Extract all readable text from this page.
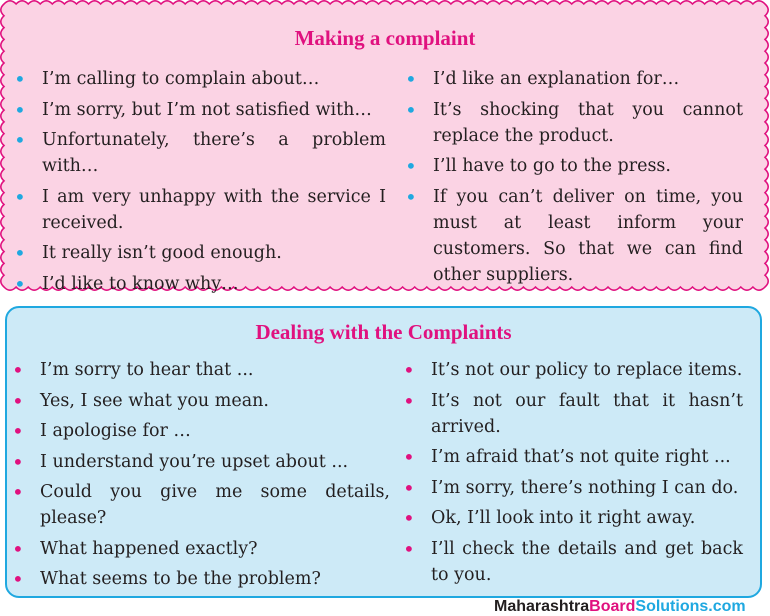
Making a complaint
• I’m calling to complain about…
• I’m sorry, but I’m not satisfied with…
• Unfortunately, there’s a problem with…
• I am very unhappy with the service I received.
• It really isn’t good enough.
• I’d like to know why…
• I’d like an explanation for…
• It’s shocking that you cannot replace the product.
• I’ll have to go to the press.
• If you can’t deliver on time, you must at least inform your customers. So that we can find other suppliers.
Dealing with the Complaints
• I’m sorry to hear that ...
• Yes, I see what you mean.
• I apologise for …
• I understand you’re upset about ...
• Could you give me some details, please?
• What happened exactly?
• What seems to be the problem?
• It’s not our policy to replace items.
• It’s not our fault that it hasn’t arrived.
• I’m afraid that’s not quite right ...
• I’m sorry, there’s nothing I can do.
• Ok, I’ll look into it right away.
• I’ll check the details and get back to you.
MaharashtraBoardSolutions.com
